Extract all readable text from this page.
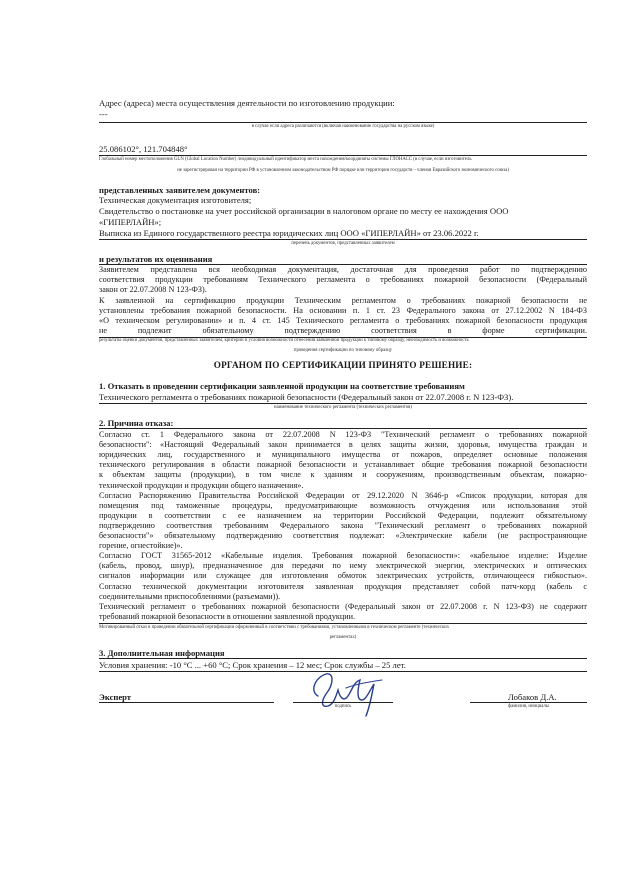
Адрес (адреса) места осуществления деятельности по изготовлению продукции:
---
в случае если адреса различаются (включая наименование государства на русском языке)
25.086102°, 121.704848°
Глобальный номер местоположения GLN (Global Location Number) /индивидуальный идентификатор места нахождения/координаты системы ГЛОНАСС (в случае, если изготовитель
не зарегистрирован на территории РФ в установленном законодательством РФ порядке или территории государств – членов Евразийского экономического союза)
представленных заявителем документов:
Техническая документация изготовителя;
Свидетельство о постановке на учет российской организации в налоговом органе по месту ее нахождения ООО
«ГИПЕРЛАЙН»;
Выписка из Единого государственного реестра юридических лиц ООО «ГИПЕРЛАЙН» от 23.06.2022 г.
перечень документов, представленных заявителем
и результатов их оценивания
Заявителем представлена вся необходимая документация, достаточная для проведения работ по подтверждению
соответствия продукции требованиям Технического регламента о требованиях пожарной безопасности (Федеральный
закон от 22.07.2008 N 123-ФЗ).
К заявленной на сертификацию продукции Техническим регламентом о требованиях пожарной безопасности не
установлены требования пожарной безопасности. На основании п. 1 ст. 23 Федерального закона от 27.12.2002 N 184-ФЗ
«О техническом регулировании» и п. 4 ст. 145 Технического регламента о требованиях пожарной безопасности продукция
не подлежит обязательному подтверждению соответствия в форме сертификации.
результаты оценки документов, представленных заявителем, критерии и условия возможности отнесения заявленной продукции к типовому образцу, необходимость и возможность
проведения сертификации по типовому образцу
ОРГАНОМ ПО СЕРТИФИКАЦИИ ПРИНЯТО РЕШЕНИЕ:
1. Отказать в проведении сертификации заявленной продукции на соответствие требованиям
Технического регламента о требованиях пожарной безопасности (Федеральный закон от 22.07.2008 г. N 123-ФЗ).
наименование технического регламента (технических регламентов)
2. Причина отказа:
Согласно ст. 1 Федерального закона от 22.07.2008 N 123-ФЗ "Технический регламент о требованиях пожарной
безопасности": «Настоящий Федеральный закон принимается в целях защиты жизни, здоровья, имущества граждан и
юридических лиц, государственного и муниципального имущества от пожаров, определяет основные положения
технического регулирования в области пожарной безопасности и устанавливает общие требования пожарной безопасности
к объектам защиты (продукции), в том числе к зданиям и сооружениям, производственным объектам, пожарно-
технической продукции и продукции общего назначения».
Согласно Распоряжению Правительства Российской Федерации от 29.12.2020 N 3646-р «Список продукции, которая для
помещения под таможенные процедуры, предусматривающие возможность отчуждения или использования этой
продукции в соответствии с ее назначением на территории Российской Федерации, подлежит обязательному
подтверждению соответствия требованиям Федерального закона "Технический регламент о требованиях пожарной
безопасности"» обязательному подтверждению соответствия подлежат: «Электрические кабели (не распространяющие
горение, огнестойкие)».
Согласно ГОСТ 31565-2012 «Кабельные изделия. Требования пожарной безопасности»: «кабельное изделие: Изделие
(кабель, провод, шнур), предназначенное для передачи по нему электрической энергии, электрических и оптических
сигналов информации или служащее для изготовления обмоток электрических устройств, отличающееся гибкостью».
Согласно технической документации изготовителя заявленная продукция представляет собой патч-корд (кабель с
соединительными приспособлениями (разъемами)).
Технический регламент о требованиях пожарной безопасности (Федеральный закон от 22.07.2008 г. N 123-ФЗ) не содержит
требований пожарной безопасности в отношении заявленной продукции.
Мотивированный отказ в проведении обязательной сертификации оформленный в соответствии с требованиями, установленными в техническом регламенте (технических
регламентах)
3. Дополнительная информация
Условия хранения: -10 °C ... +60 °C; Срок хранения – 12 мес; Срок службы – 25 лет.
Эксперт
подпись
Лобаков Д.А.
фамилия, инициалы
